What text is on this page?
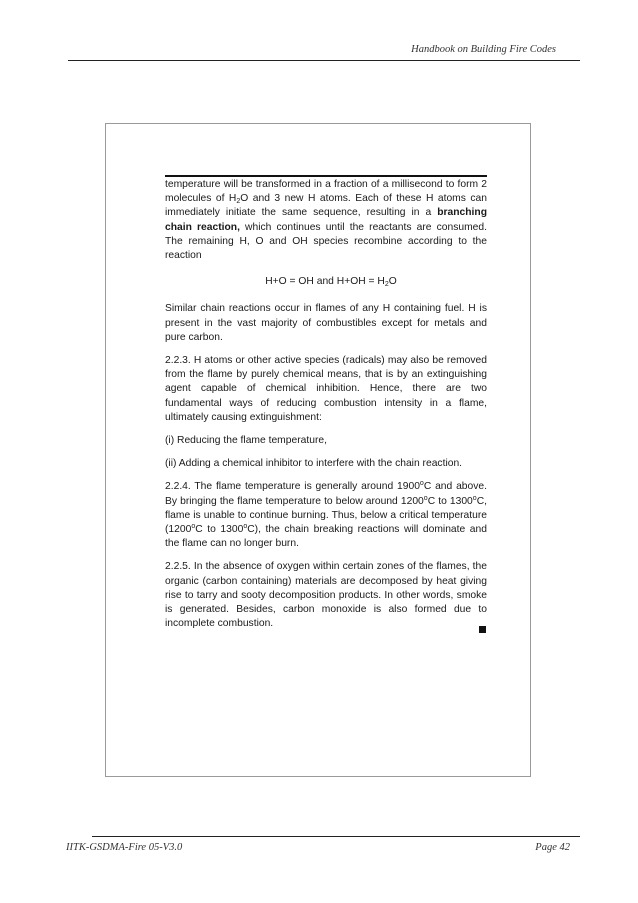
Handbook on Building Fire Codes

temperature will be transformed in a fraction of a millisecond to form 2 molecules of $H_2O$ and 3 new H atoms. Each of these H atoms can immediately initiate the same sequence, resulting in a branching chain reaction, which continues until the reactants are consumed. The remaining H, O and OH species recombine according to the reaction

H+O = OH and $H+OH = H_2O$

Similar chain reactions occur in flames of any H containing fuel. H is present in the vast majority of combustibles except for metals and pure carbon.

2.2.3. H atoms or other active species (radicals) may also be removed from the flame by purely chemical means, that is by an extinguishing agent capable of chemical inhibition. Hence, there are two fundamental ways of reducing combustion intensity in a flame, ultimately causing extinguishment:

(i) Reducing the flame temperature,

(ii) Adding a chemical inhibitor to interfere with the chain reaction.

2.2.4. The flame temperature is generally around 1900$^o$C and above. By bringing the flame temperature to below around 1200$^o$C to 1300$^o$C, flame is unable to continue burning. Thus, below a critical temperature (1200$^o$C to 1300$^o$C), the chain breaking reactions will dominate and the flame can no longer burn.

2.2.5. In the absence of oxygen within certain zones of the flames, the organic (carbon containing) materials are decomposed by heat giving rise to tarry and sooty decomposition products. In other words, smoke is generated. Besides, carbon monoxide is also formed due to incomplete combustion.

IITK-GSDMA-Fire 05-V3.0	Page 42
